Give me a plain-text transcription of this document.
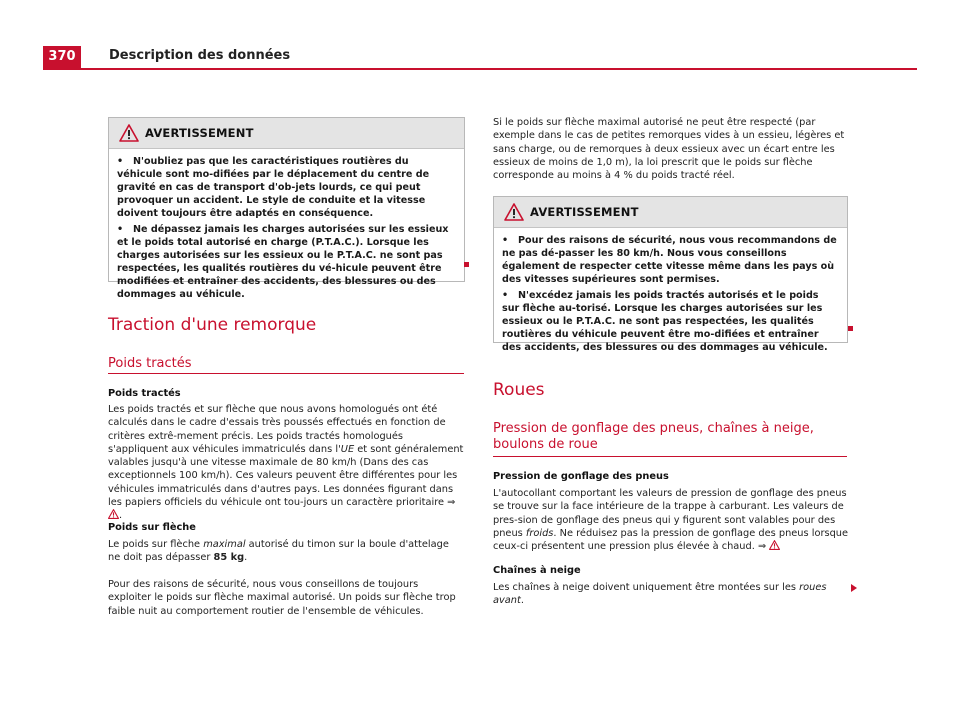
370	Description des données
AVERTISSEMENT

• N'oubliez pas que les caractéristiques routières du véhicule sont mo-diﬁées par le déplacement du centre de gravité en cas de transport d'ob-jets lourds, ce qui peut provoquer un accident. Le style de conduite et la vitesse doivent toujours être adaptés en conséquence.

• Ne dépassez jamais les charges autorisées sur les essieux et le poids total autorisé en charge (P.T.A.C.). Lorsque les charges autorisées sur les essieux ou le P.T.A.C. ne sont pas respectées, les qualités routières du vé-hicule peuvent être modiﬁées et entraîner des accidents, des blessures ou des dommages au véhicule.

Traction d'une remorque
Poids tractés
Poids tractés

Les poids tractés et sur ﬂèche que nous avons homologués ont été calculés dans le cadre d'essais très poussés effectués en fonction de critères extrê-mement précis. Les poids tractés homologués s'appliquent aux véhicules immatriculés dans l'UE et sont généralement valables jusqu'à une vitesse maximale de 80 km/h (Dans des cas exceptionnels 100 km/h). Ces valeurs peuvent être différentes pour les véhicules immatriculés dans d'autres pays. Les données ﬁgurant dans les papiers ofﬁciels du véhicule ont tou-jours un caractère prioritaire ⇒ .

Poids sur ﬂèche

Le poids sur ﬂèche maximal autorisé du timon sur la boule d'attelage ne doit pas dépasser 85 kg.

Pour des raisons de sécurité, nous vous conseillons de toujours exploiter le poids sur ﬂèche maximal autorisé. Un poids sur ﬂèche trop faible nuit au comportement routier de l'ensemble de véhicules.

Si le poids sur ﬂèche maximal autorisé ne peut être respecté (par exemple dans le cas de petites remorques vides à un essieu, légères et sans charge, ou de remorques à deux essieux avec un écart entre les essieux de moins de 1,0 m), la loi prescrit que le poids sur ﬂèche corresponde au moins à 4 % du poids tracté réel.

AVERTISSEMENT

• Pour des raisons de sécurité, nous vous recommandons de ne pas dé-passer les 80 km/h. Nous vous conseillons également de respecter cette vitesse même dans les pays où des vitesses supérieures sont permises.

• N'excédez jamais les poids tractés autorisés et le poids sur ﬂèche au-torisé. Lorsque les charges autorisées sur les essieux ou le P.T.A.C. ne sont pas respectées, les qualités routières du véhicule peuvent être mo-diﬁées et entraîner des accidents, des blessures ou des dommages au véhicule.

Roues
Pression de gonﬂage des pneus, chaînes à neige, boulons de roue
Pression de gonﬂage des pneus

L'autocollant comportant les valeurs de pression de gonﬂage des pneus se trouve sur la face intérieure de la trappe à carburant. Les valeurs de pres-sion de gonﬂage des pneus qui y ﬁgurent sont valables pour des pneus froids. Ne réduisez pas la pression de gonﬂage des pneus lorsque ceux-ci présentent une pression plus élevée à chaud. ⇒

Chaînes à neige

Les chaînes à neige doivent uniquement être montées sur les roues avant.
